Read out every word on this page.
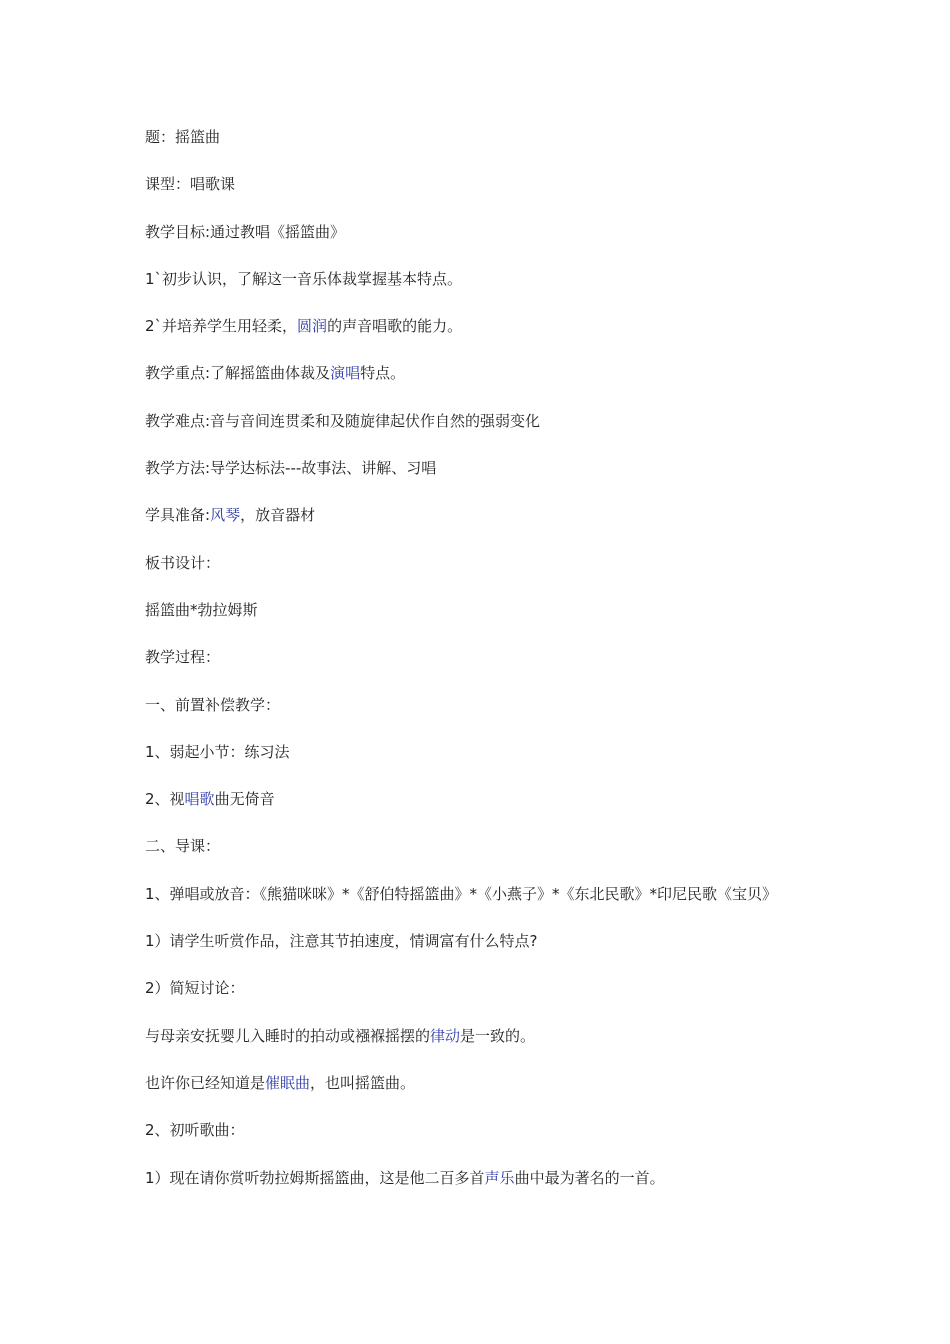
题：摇篮曲
课型：唱歌课
教学目标:通过教唱《摇篮曲》
1`初步认识，了解这一音乐体裁掌握基本特点。
2`并培养学生用轻柔，圆润的声音唱歌的能力。
教学重点:了解摇篮曲体裁及演唱特点。
教学难点:音与音间连贯柔和及随旋律起伏作自然的强弱变化
教学方法:导学达标法---故事法、讲解、习唱
学具准备:风琴，放音器材
板书设计：
摇篮曲*勃拉姆斯
教学过程：
一、前置补偿教学：
1、弱起小节：练习法
2、视唱歌曲无倚音
二、导课：
1、弹唱或放音：《熊猫咪咪》*《舒伯特摇篮曲》*《小燕子》*《东北民歌》*印尼民歌《宝贝》
1）请学生听赏作品，注意其节拍速度，情调富有什么特点?
2）简短讨论：
与母亲安抚婴儿入睡时的拍动或襁褓摇摆的律动是一致的。
也许你已经知道是催眠曲，也叫摇篮曲。
2、初听歌曲：
1）现在请你赏听勃拉姆斯摇篮曲，这是他二百多首声乐曲中最为著名的一首。
